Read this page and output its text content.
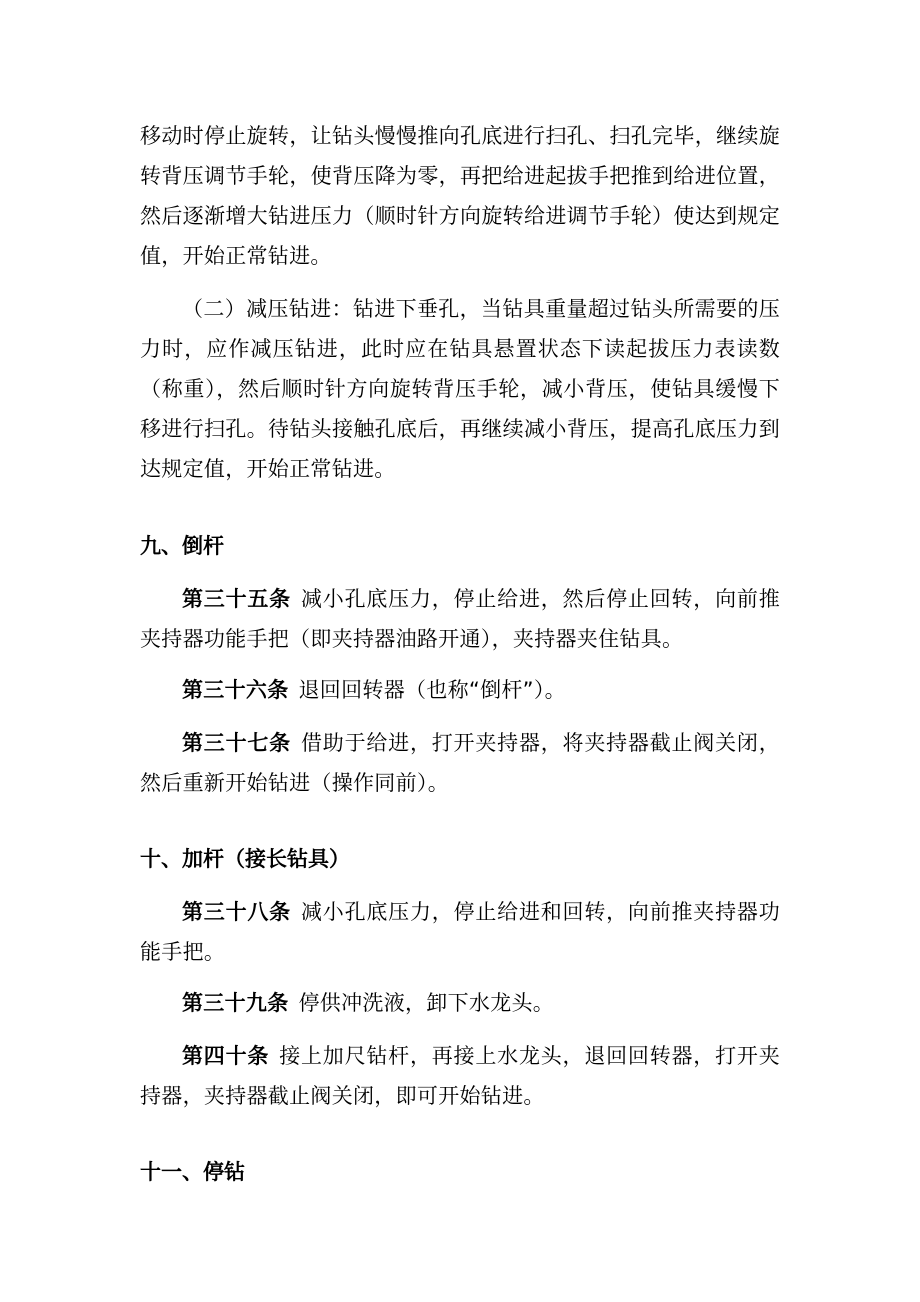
移动时停止旋转，让钻头慢慢推向孔底进行扫孔、扫孔完毕，继续旋转背压调节手轮，使背压降为零，再把给进起拔手把推到给进位置，然后逐渐增大钻进压力（顺时针方向旋转给进调节手轮）使达到规定值，开始正常钻进。

（二）减压钻进：钻进下垂孔，当钻具重量超过钻头所需要的压力时，应作减压钻进，此时应在钻具悬置状态下读起拔压力表读数（称重），然后顺时针方向旋转背压手轮，减小背压，使钻具缓慢下移进行扫孔。待钻头接触孔底后，再继续减小背压，提高孔底压力到达规定值，开始正常钻进。

九、倒杆

第三十五条 减小孔底压力，停止给进，然后停止回转，向前推夹持器功能手把（即夹持器油路开通），夹持器夹住钻具。

第三十六条 退回回转器（也称“倒杆”）。

第三十七条 借助于给进，打开夹持器，将夹持器截止阀关闭，然后重新开始钻进（操作同前）。

十、加杆（接长钻具）

第三十八条 减小孔底压力，停止给进和回转，向前推夹持器功能手把。

第三十九条 停供冲洗液，卸下水龙头。

第四十条 接上加尺钻杆，再接上水龙头，退回回转器，打开夹持器，夹持器截止阀关闭，即可开始钻进。

十一、停钻
